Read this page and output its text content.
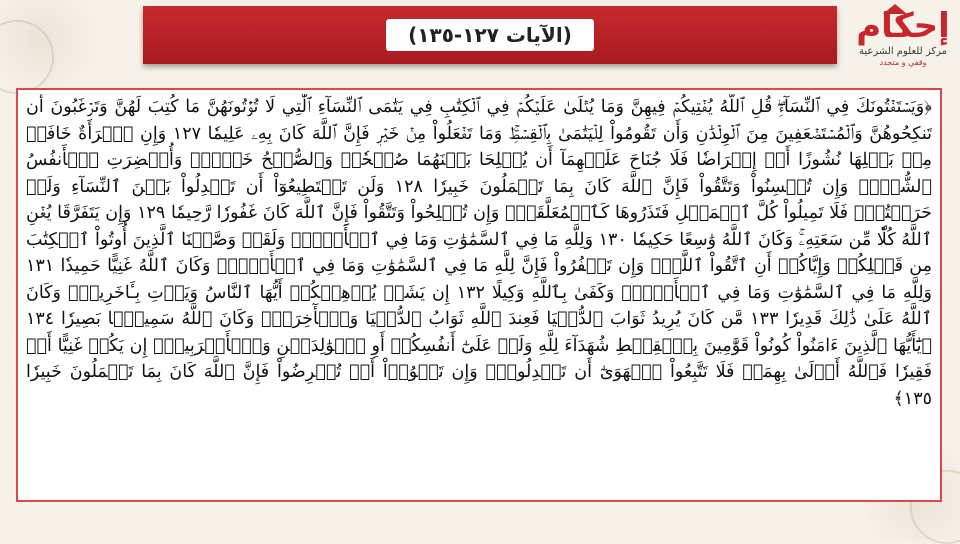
(الآيات ١٢٧-١٣٥)	إحكام
مركز للعلوم الشرعية
وقفي و متجدد
﴿وَيَسۡتَفۡتُونَكَ فِي ٱلنِّسَآءِۖ قُلِ ٱللَّهُ يُفۡتِيكُمۡ فِيهِنَّ وَمَا يُتۡلَىٰ عَلَيۡكُمۡ فِي ٱلۡكِتَٰبِ فِي يَتَٰمَى ٱلنِّسَآءِ ٱلَّٰتِي لَا تُؤۡتُونَهُنَّ مَا كُتِبَ لَهُنَّ وَتَرۡغَبُونَ أَن تَنكِحُوهُنَّ وَٱلۡمُسۡتَضۡعَفِينَ مِنَ ٱلۡوِلۡدَٰنِ وَأَن تَقُومُواْ لِلۡيَتَٰمَىٰ بِٱلۡقِسۡطِۚ وَمَا تَفۡعَلُواْ مِنۡ خَيۡرٖ فَإِنَّ ٱللَّهَ كَانَ بِهِۦ عَلِيمٗا ١٢٧ وَإِنِ ٱمۡرَأَةٌ خَافَتۡ مِنۢ بَعۡلِهَا نُشُوزًا أَوۡ إِعۡرَاضٗا فَلَا جُنَاحَ عَلَيۡهِمَآ أَن يُصۡلِحَا بَيۡنَهُمَا صُلۡحٗاۚ وَٱلصُّلۡحُ خَيۡرٞۗ وَأُحۡضِرَتِ ٱلۡأَنفُسُ ٱلشُّحَّۚ وَإِن تُحۡسِنُواْ وَتَتَّقُواْ فَإِنَّ ٱللَّهَ كَانَ بِمَا تَعۡمَلُونَ خَبِيرٗا ١٢٨ وَلَن تَسۡتَطِيعُوٓاْ أَن تَعۡدِلُواْ بَيۡنَ ٱلنِّسَآءِ وَلَوۡ حَرَصۡتُمۡۖ فَلَا تَمِيلُواْ كُلَّ ٱلۡمَيۡلِ فَتَذَرُوهَا كَٱلۡمُعَلَّقَةِۚ وَإِن تُصۡلِحُواْ وَتَتَّقُواْ فَإِنَّ ٱللَّهَ كَانَ غَفُورٗا رَّحِيمٗا ١٢٩ وَإِن يَتَفَرَّقَا يُغۡنِ ٱللَّهُ كُلّٗا مِّن سَعَتِهِۦۚ وَكَانَ ٱللَّهُ وَٰسِعًا حَكِيمٗا ١٣٠ وَلِلَّهِ مَا فِي ٱلسَّمَٰوَٰتِ وَمَا فِي ٱلۡأَرۡضِۗ وَلَقَدۡ وَصَّيۡنَا ٱلَّذِينَ أُوتُواْ ٱلۡكِتَٰبَ مِن قَبۡلِكُمۡ وَإِيَّاكُمۡ أَنِ ٱتَّقُواْ ٱللَّهَۚ وَإِن تَكۡفُرُواْ فَإِنَّ لِلَّهِ مَا فِي ٱلسَّمَٰوَٰتِ وَمَا فِي ٱلۡأَرۡضِۚ وَكَانَ ٱللَّهُ غَنِيًّا حَمِيدٗا ١٣١ وَلِلَّهِ مَا فِي ٱلسَّمَٰوَٰتِ وَمَا فِي ٱلۡأَرۡضِۚ وَكَفَىٰ بِٱللَّهِ وَكِيلًا ١٣٢ إِن يَشَأۡ يُذۡهِبۡكُمۡ أَيُّهَا ٱلنَّاسُ وَيَأۡتِ بِـَٔاخَرِينَۚ وَكَانَ ٱللَّهُ عَلَىٰ ذَٰلِكَ قَدِيرٗا ١٣٣ مَّن كَانَ يُرِيدُ ثَوَابَ ٱلدُّنۡيَا فَعِندَ ٱللَّهِ ثَوَابُ ٱلدُّنۡيَا وَٱلۡأٓخِرَةِۚ وَكَانَ ٱللَّهُ سَمِيعَۢا بَصِيرٗا ١٣٤ ۞يَٰٓأَيُّهَا ٱلَّذِينَ ءَامَنُواْ كُونُواْ قَوَّٰمِينَ بِٱلۡقِسۡطِ شُهَدَآءَ لِلَّهِ وَلَوۡ عَلَىٰٓ أَنفُسِكُمۡ أَوِ ٱلۡوَٰلِدَيۡنِ وَٱلۡأَقۡرَبِينَۚ إِن يَكُنۡ غَنِيًّا أَوۡ فَقِيرٗا فَٱللَّهُ أَوۡلَىٰ بِهِمَاۖ فَلَا تَتَّبِعُواْ ٱلۡهَوَىٰٓ أَن تَعۡدِلُواْۚ وَإِن تَلۡوُۥٓاْ أَوۡ تُعۡرِضُواْ فَإِنَّ ٱللَّهَ كَانَ بِمَا تَعۡمَلُونَ خَبِيرٗا ١٣٥﴾
